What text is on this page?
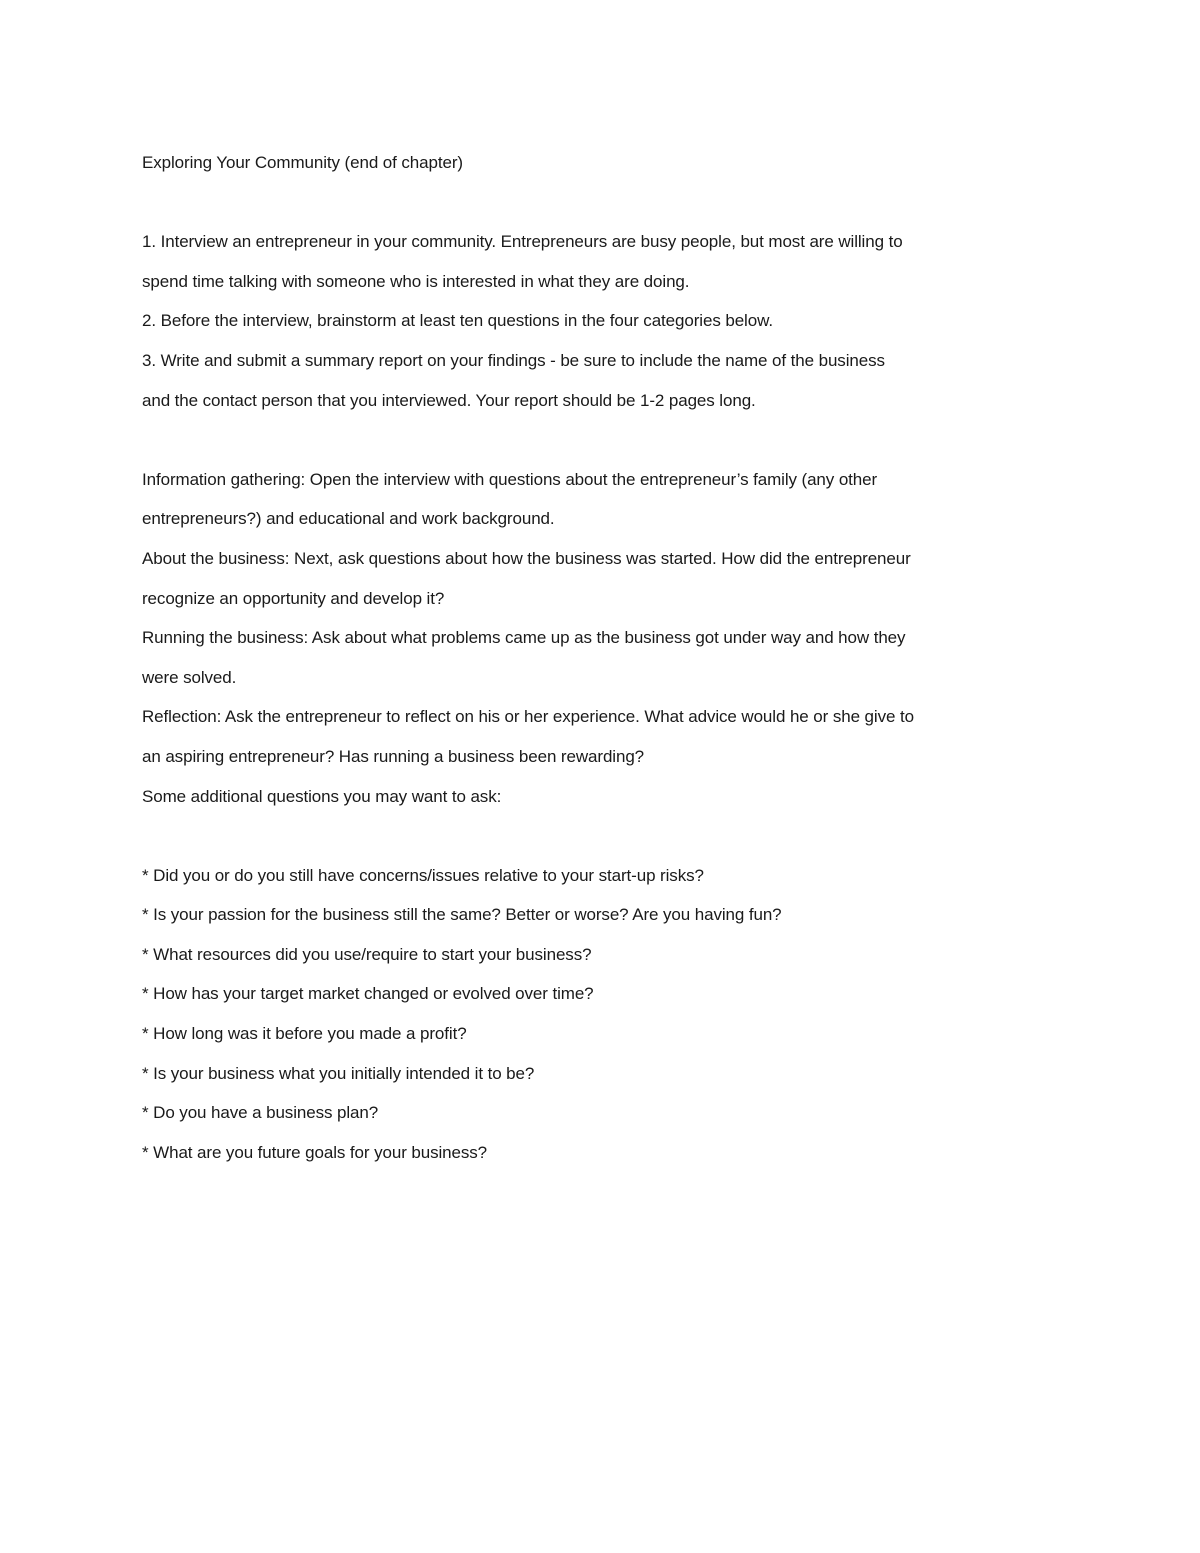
Exploring Your Community (end of chapter)
1. Interview an entrepreneur in your community. Entrepreneurs are busy people, but most are willing to
spend time talking with someone who is interested in what they are doing.
2. Before the interview, brainstorm at least ten questions in the four categories below.
3. Write and submit a summary report on your findings - be sure to include the name of the business
and the contact person that you interviewed. Your report should be 1-2 pages long.
Information gathering: Open the interview with questions about the entrepreneur’s family (any other
entrepreneurs?) and educational and work background.
About the business: Next, ask questions about how the business was started. How did the entrepreneur
recognize an opportunity and develop it?
Running the business: Ask about what problems came up as the business got under way and how they
were solved.
Reflection: Ask the entrepreneur to reflect on his or her experience. What advice would he or she give to
an aspiring entrepreneur? Has running a business been rewarding?
Some additional questions you may want to ask:
* Did you or do you still have concerns/issues relative to your start-up risks?
* Is your passion for the business still the same? Better or worse? Are you having fun?
* What resources did you use/require to start your business?
* How has your target market changed or evolved over time?
* How long was it before you made a profit?
* Is your business what you initially intended it to be?
* Do you have a business plan?
* What are you future goals for your business?
